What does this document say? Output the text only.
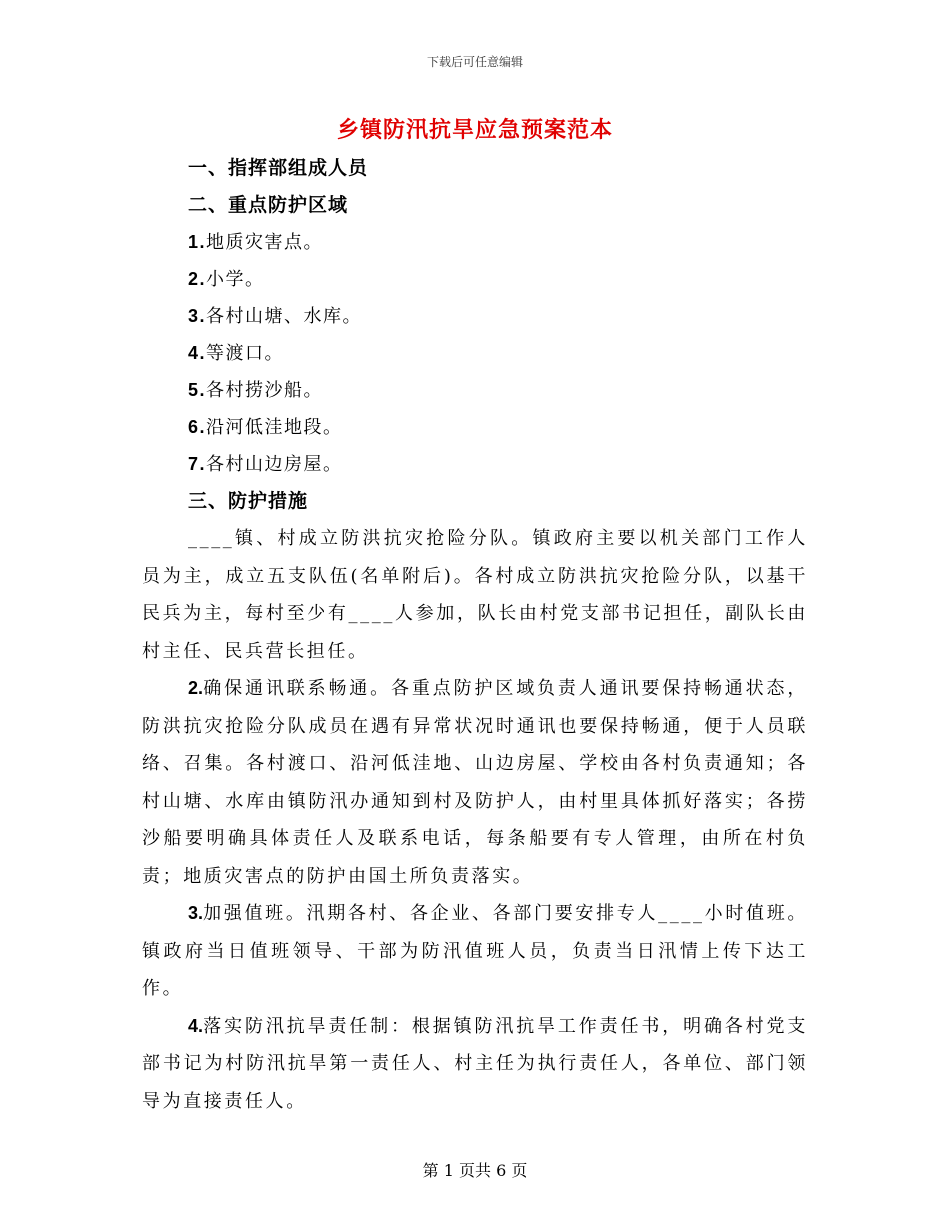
下载后可任意编辑
乡镇防汛抗旱应急预案范本
一、指挥部组成人员
二、重点防护区域
1.地质灾害点。
2.小学。
3.各村山塘、水库。
4.等渡口。
5.各村捞沙船。
6.沿河低洼地段。
7.各村山边房屋。
三、防护措施

____镇、村成立防洪抗灾抢险分队。镇政府主要以机关部门工作人员为主，成立五支队伍(名单附后)。各村成立防洪抗灾抢险分队，以基干民兵为主，每村至少有____人参加，队长由村党支部书记担任，副队长由村主任、民兵营长担任。

2.确保通讯联系畅通。各重点防护区域负责人通讯要保持畅通状态，防洪抗灾抢险分队成员在遇有异常状况时通讯也要保持畅通，便于人员联络、召集。各村渡口、沿河低洼地、山边房屋、学校由各村负责通知；各村山塘、水库由镇防汛办通知到村及防护人，由村里具体抓好落实；各捞沙船要明确具体责任人及联系电话，每条船要有专人管理，由所在村负责；地质灾害点的防护由国土所负责落实。

3.加强值班。汛期各村、各企业、各部门要安排专人____小时值班。镇政府当日值班领导、干部为防汛值班人员，负责当日汛情上传下达工作。

4.落实防汛抗旱责任制：根据镇防汛抗旱工作责任书，明确各村党支部书记为村防汛抗旱第一责任人、村主任为执行责任人，各单位、部门领导为直接责任人。

第 1 页共 6 页
